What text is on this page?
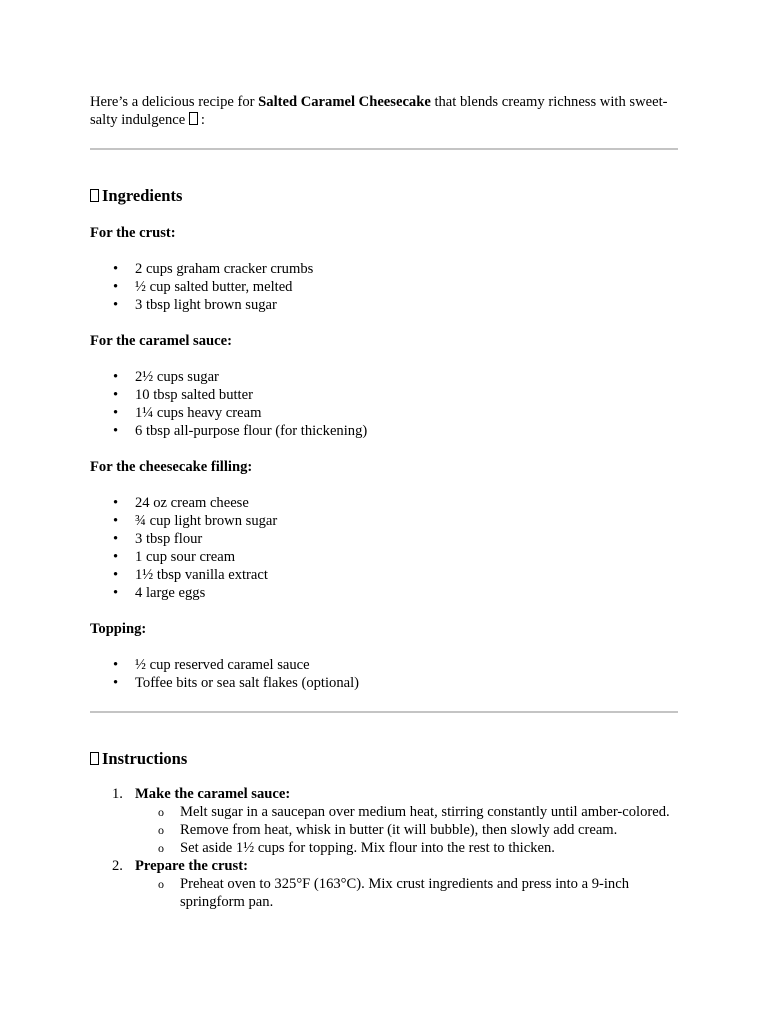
Here’s a delicious recipe for Salted Caramel Cheesecake that blends creamy richness with sweet-salty indulgence :

Ingredients

For the crust:

• 2 cups graham cracker crumbs
• ½ cup salted butter, melted
• 3 tbsp light brown sugar

For the caramel sauce:

• 2½ cups sugar
• 10 tbsp salted butter
• 1¼ cups heavy cream
• 6 tbsp all-purpose flour (for thickening)

For the cheesecake filling:

• 24 oz cream cheese
• ¾ cup light brown sugar
• 3 tbsp flour
• 1 cup sour cream
• 1½ tbsp vanilla extract
• 4 large eggs

Topping:

• ½ cup reserved caramel sauce
• Toffee bits or sea salt flakes (optional)
Instructions
1. Make the caramel sauce:
o Melt sugar in a saucepan over medium heat, stirring constantly until amber-colored.
o Remove from heat, whisk in butter (it will bubble), then slowly add cream.
o Set aside 1½ cups for topping. Mix flour into the rest to thicken.
2. Prepare the crust:
o Preheat oven to 325°F (163°C). Mix crust ingredients and press into a 9-inch springform pan.
